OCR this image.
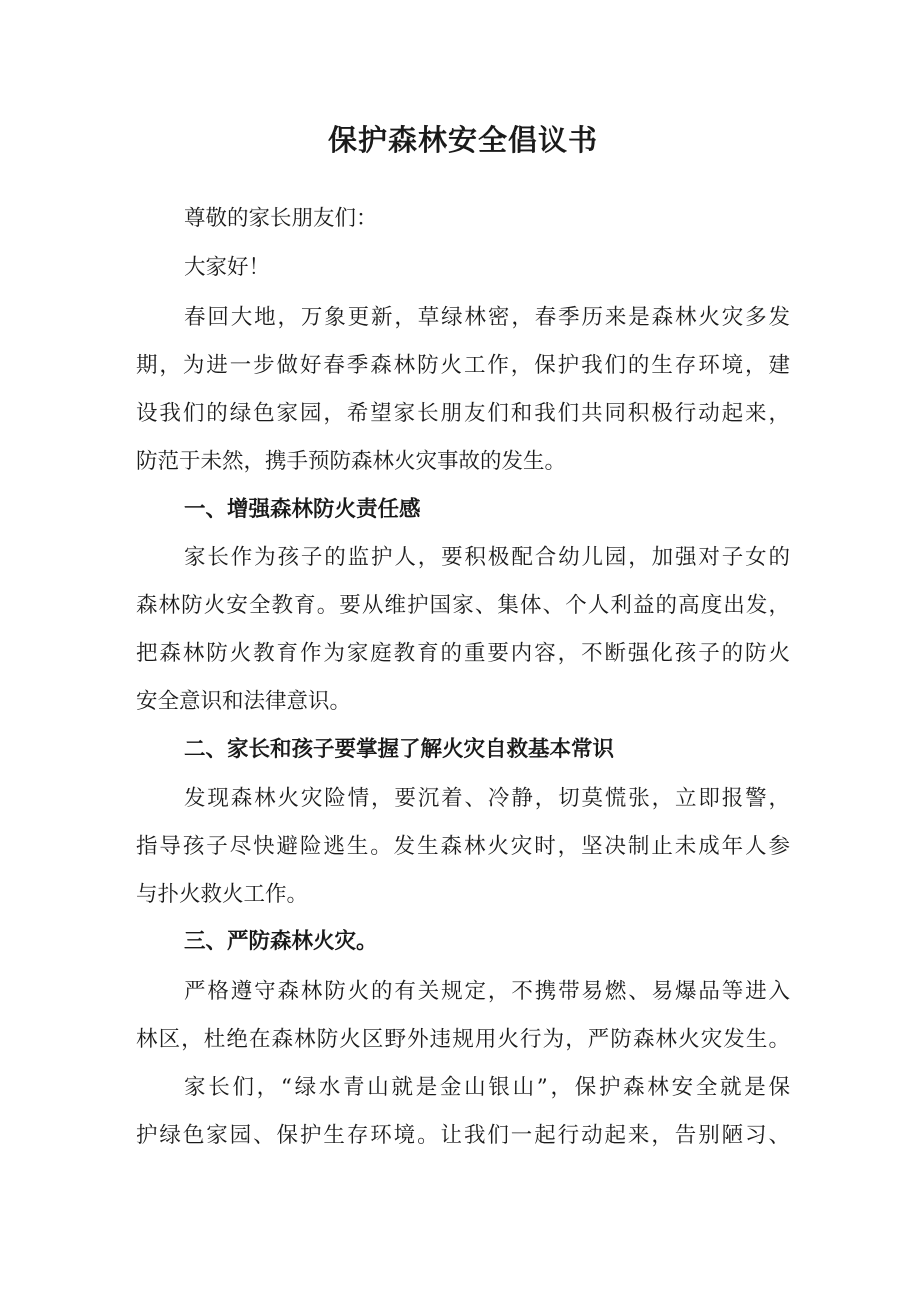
保护森林安全倡议书

尊敬的家长朋友们：

大家好！

春回大地，万象更新，草绿林密，春季历来是森林火灾多发
期，为进一步做好春季森林防火工作，保护我们的生存环境，建
设我们的绿色家园，希望家长朋友们和我们共同积极行动起来，
防范于未然，携手预防森林火灾事故的发生。

一、增强森林防火责任感

家长作为孩子的监护人，要积极配合幼儿园，加强对子女的
森林防火安全教育。要从维护国家、集体、个人利益的高度出发，
把森林防火教育作为家庭教育的重要内容，不断强化孩子的防火
安全意识和法律意识。

二、家长和孩子要掌握了解火灾自救基本常识

发现森林火灾险情，要沉着、冷静，切莫慌张，立即报警，
指导孩子尽快避险逃生。发生森林火灾时，坚决制止未成年人参
与扑火救火工作。

三、严防森林火灾。

严格遵守森林防火的有关规定，不携带易燃、易爆品等进入
林区，杜绝在森林防火区野外违规用火行为，严防森林火灾发生。

家长们，“绿水青山就是金山银山”，保护森林安全就是保
护绿色家园、保护生存环境。让我们一起行动起来，告别陋习、
